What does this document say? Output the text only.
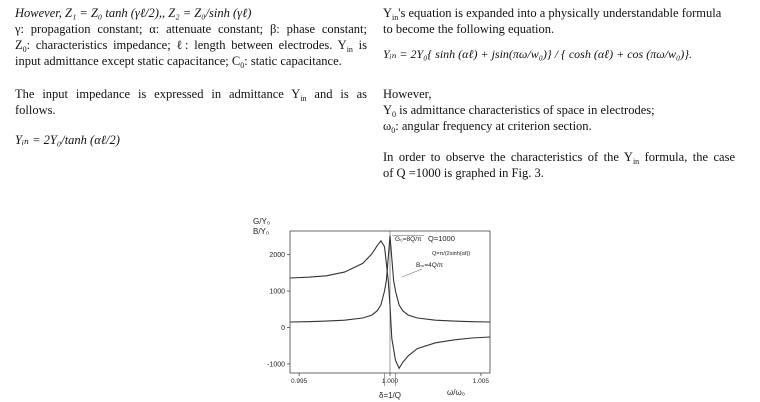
However, Z₁ = Z₀ tanh (γℓ/2),, Z₂ = Z₀/sinh (γℓ)
γ: propagation constant; α: attenuate constant; β: phase constant;
$Z_0$: characteristics impedance; ℓ: length between electrodes. $Y_{in}$ is
input admittance except static capacitance; $C_0$: static capacitance.
The input impedance is expressed in admittance $Y_{in}$ and is as
follows.
Yᵢₙ = 2Y₀/tanh (αℓ/2)
$Y_{in}'s$ equation is expanded into a physically understandable formula
to become the following equation.
Yᵢₙ = 2Y₀{ sinh (αℓ) + jsin(πω/w₀)} / { cosh (αℓ) + cos (πω/w₀)}.
However,
$Y_0$ is admittance characteristics of space in electrodes;
$\omega_0$: angular frequency at criterion section.
In order to observe the characteristics of the $Y_{in}$ formula, the case
of Q =1000 is graphed in Fig. 3.
2000
1000
0
-1000
0.995	1.000	1.005
G/Y₀
B/Y₀
ω/ω₀
G₀=8Q/π Q=1000
Q=π/(2sinh(αℓ))
Bₘ=4Q/π
δ=1/Q
